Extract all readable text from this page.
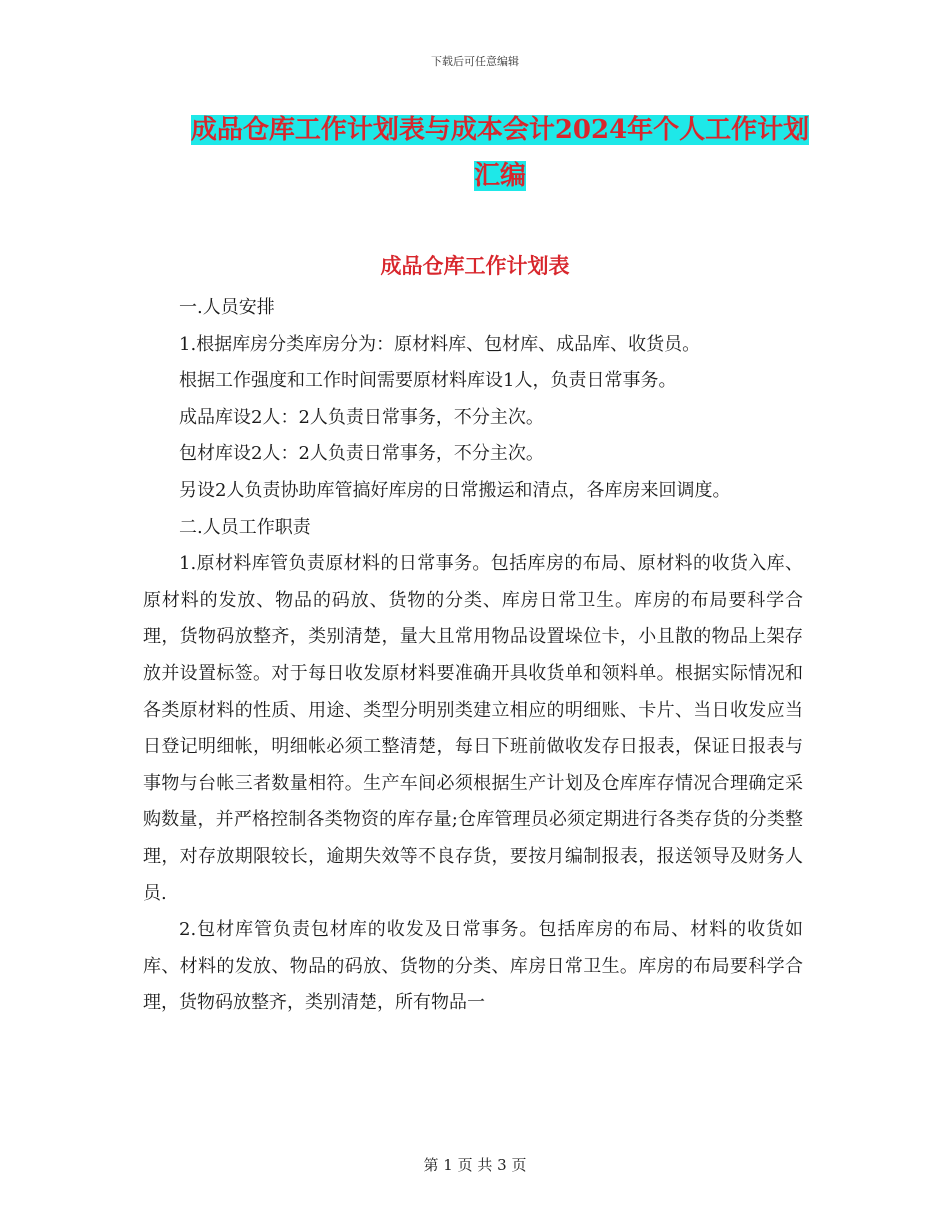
下载后可任意编辑
成品仓库工作计划表与成本会计2024年个人工作计划
汇编
成品仓库工作计划表

一.人员安排

1.根据库房分类库房分为：原材料库、包材库、成品库、收货员。

根据工作强度和工作时间需要原材料库设1人，负责日常事务。

成品库设2人：2人负责日常事务，不分主次。

包材库设2人：2人负责日常事务，不分主次。

另设2人负责协助库管搞好库房的日常搬运和清点，各库房来回调度。

二.人员工作职责

1.原材料库管负责原材料的日常事务。包括库房的布局、原材料的收货入库、原材料的发放、物品的码放、货物的分类、库房日常卫生。库房的布局要科学合理，货物码放整齐，类别清楚，量大且常用物品设置垛位卡，小且散的物品上架存放并设置标签。对于每日收发原材料要准确开具收货单和领料单。根据实际情况和各类原材料的性质、用途、类型分明别类建立相应的明细账、卡片、当日收发应当日登记明细帐，明细帐必须工整清楚，每日下班前做收发存日报表，保证日报表与事物与台帐三者数量相符。生产车间必须根据生产计划及仓库库存情况合理确定采购数量，并严格控制各类物资的库存量;仓库管理员必须定期进行各类存货的分类整理，对存放期限较长，逾期失效等不良存货，要按月编制报表，报送领导及财务人员.

2.包材库管负责包材库的收发及日常事务。包括库房的布局、材料的收货如库、材料的发放、物品的码放、货物的分类、库房日常卫生。库房的布局要科学合理，货物码放整齐，类别清楚，所有物品一

第 1 页 共 3 页
